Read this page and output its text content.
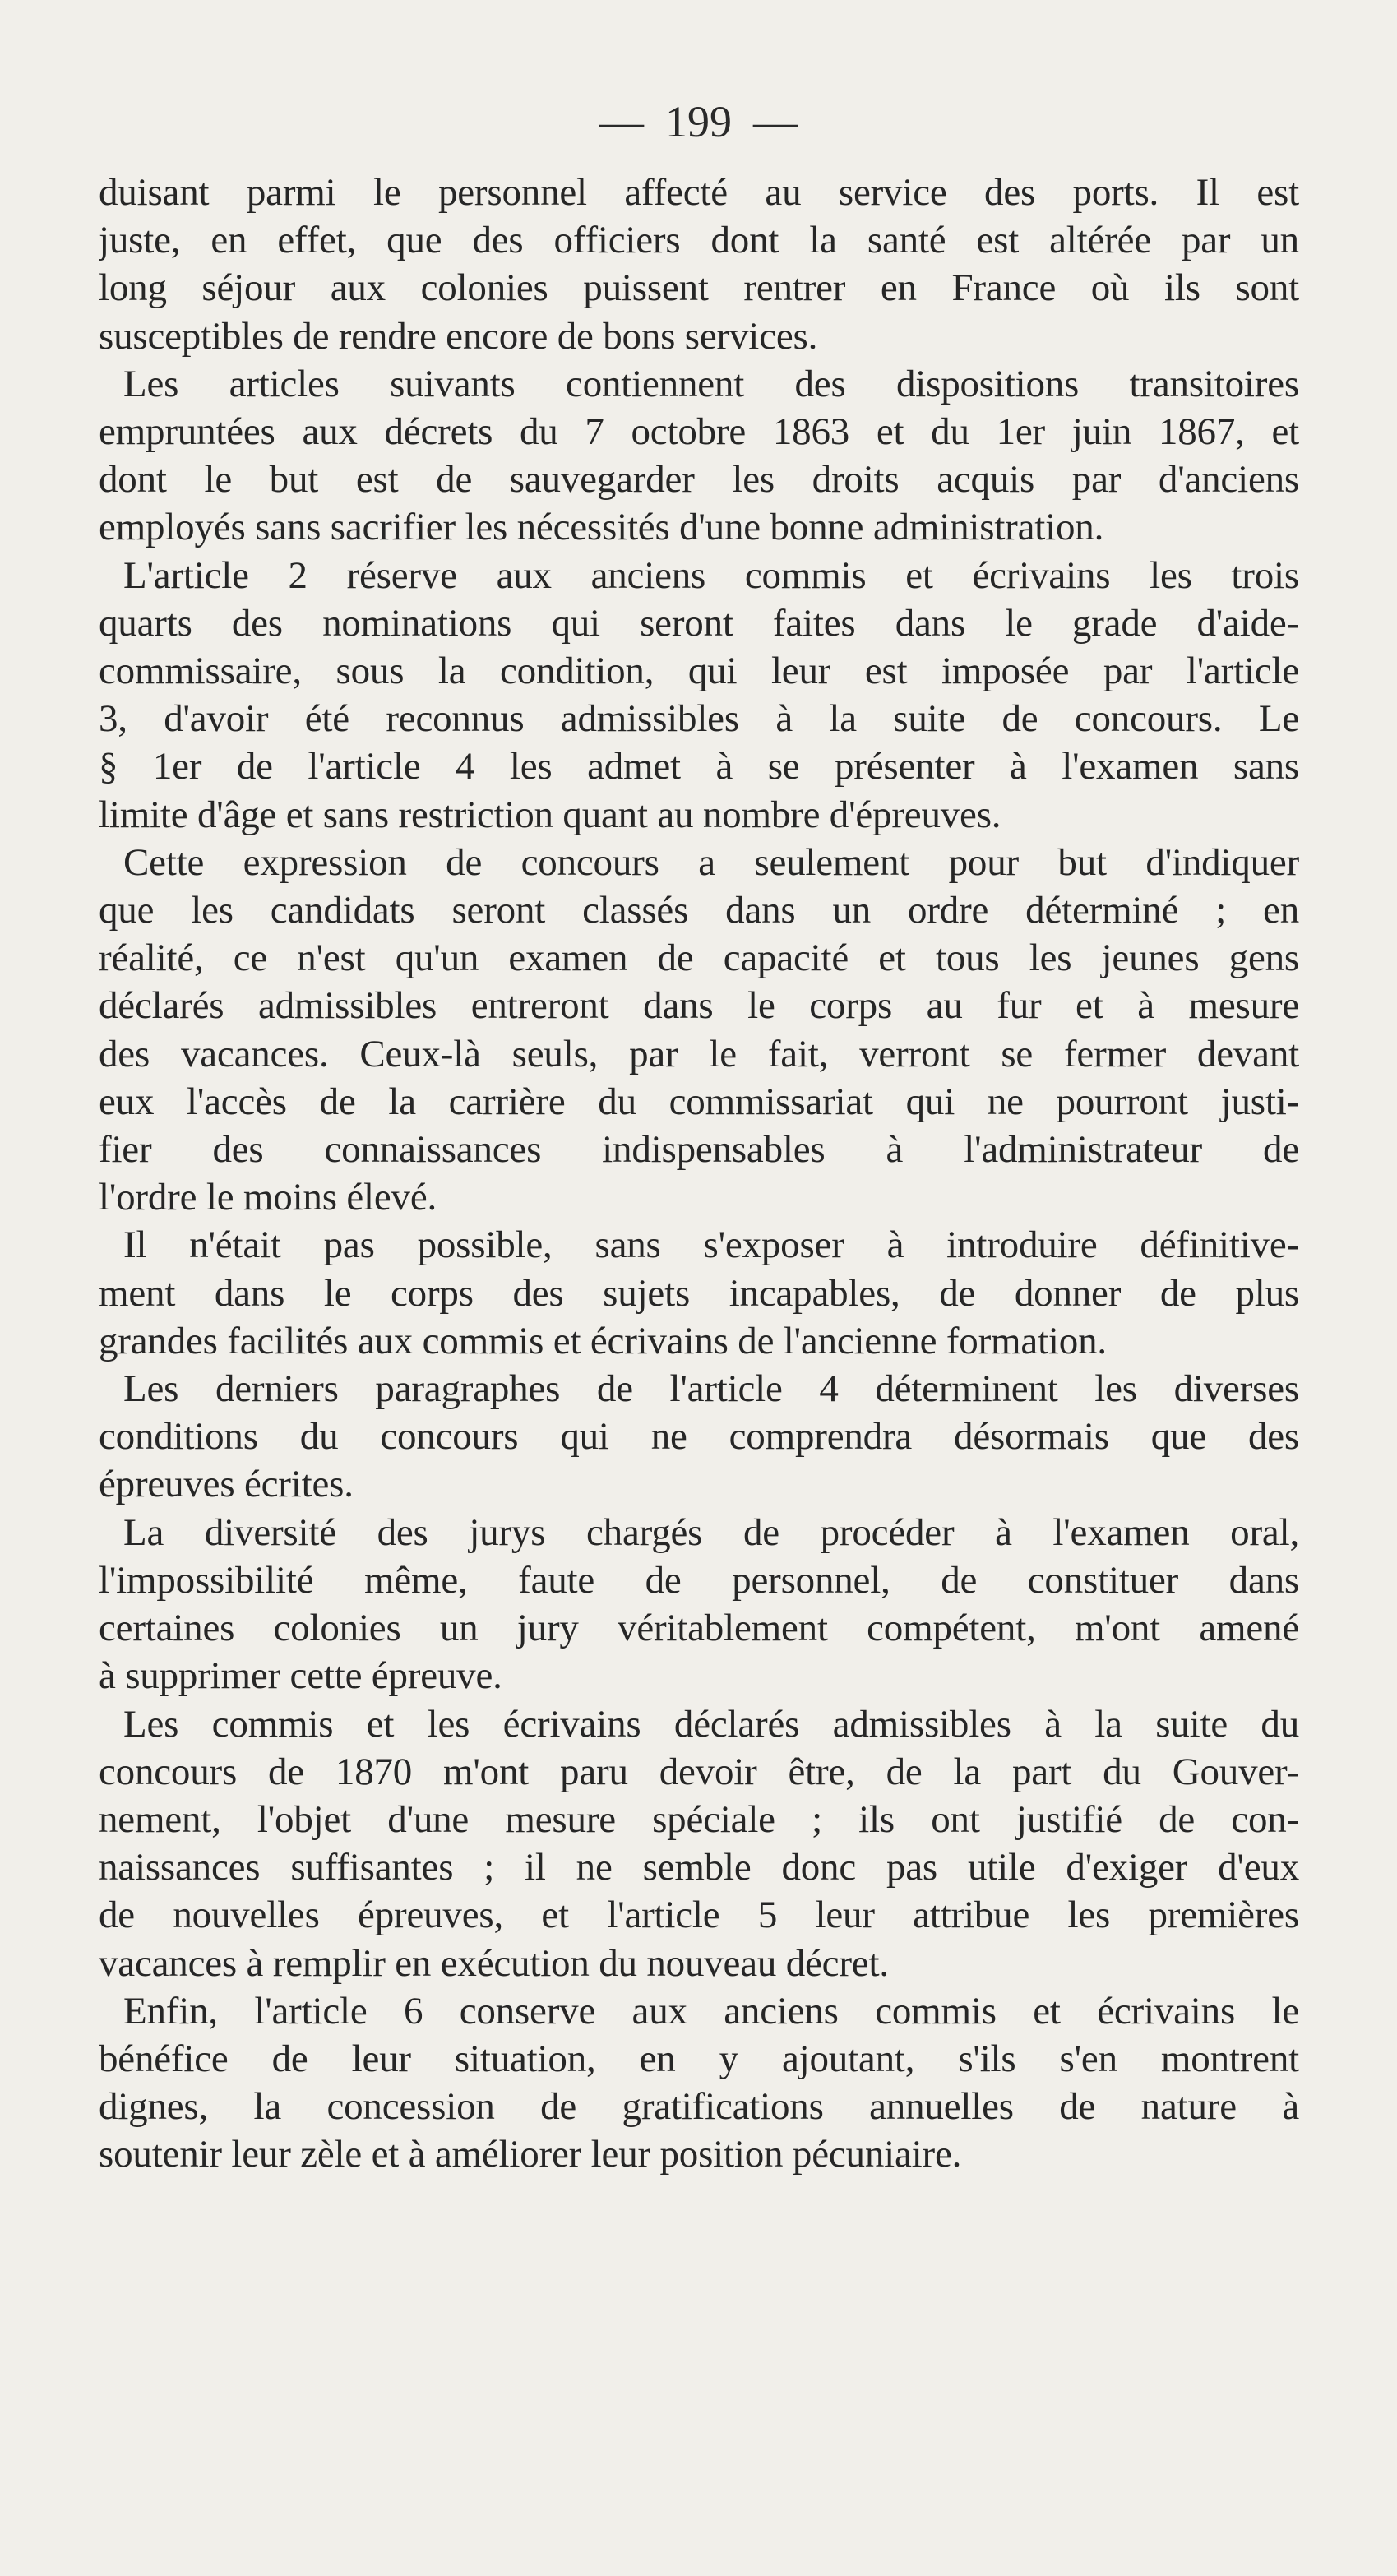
— 199 —

duisant parmi le personnel affecté au service des ports. Il est
juste, en effet, que des officiers dont la santé est altérée par un
long séjour aux colonies puissent rentrer en France où ils sont
susceptibles de rendre encore de bons services.

Les articles suivants contiennent des dispositions transitoires
empruntées aux décrets du 7 octobre 1863 et du 1er juin 1867, et
dont le but est de sauvegarder les droits acquis par d'anciens
employés sans sacrifier les nécessités d'une bonne administration.

L'article 2 réserve aux anciens commis et écrivains les trois
quarts des nominations qui seront faites dans le grade d'aide-
commissaire, sous la condition, qui leur est imposée par l'article
3, d'avoir été reconnus admissibles à la suite de concours. Le
§ 1er de l'article 4 les admet à se présenter à l'examen sans
limite d'âge et sans restriction quant au nombre d'épreuves.

Cette expression de concours a seulement pour but d'indiquer
que les candidats seront classés dans un ordre déterminé ; en
réalité, ce n'est qu'un examen de capacité et tous les jeunes gens
déclarés admissibles entreront dans le corps au fur et à mesure
des vacances. Ceux-là seuls, par le fait, verront se fermer devant
eux l'accès de la carrière du commissariat qui ne pourront justi-
fier des connaissances indispensables à l'administrateur de
l'ordre le moins élevé.

Il n'était pas possible, sans s'exposer à introduire définitive-
ment dans le corps des sujets incapables, de donner de plus
grandes facilités aux commis et écrivains de l'ancienne formation.

Les derniers paragraphes de l'article 4 déterminent les diverses
conditions du concours qui ne comprendra désormais que des
épreuves écrites.

La diversité des jurys chargés de procéder à l'examen oral,
l'impossibilité même, faute de personnel, de constituer dans
certaines colonies un jury véritablement compétent, m'ont amené
à supprimer cette épreuve.

Les commis et les écrivains déclarés admissibles à la suite du
concours de 1870 m'ont paru devoir être, de la part du Gouver-
nement, l'objet d'une mesure spéciale ; ils ont justifié de con-
naissances suffisantes ; il ne semble donc pas utile d'exiger d'eux
de nouvelles épreuves, et l'article 5 leur attribue les premières
vacances à remplir en exécution du nouveau décret.

Enfin, l'article 6 conserve aux anciens commis et écrivains le
bénéfice de leur situation, en y ajoutant, s'ils s'en montrent
dignes, la concession de gratifications annuelles de nature à
soutenir leur zèle et à améliorer leur position pécuniaire.
